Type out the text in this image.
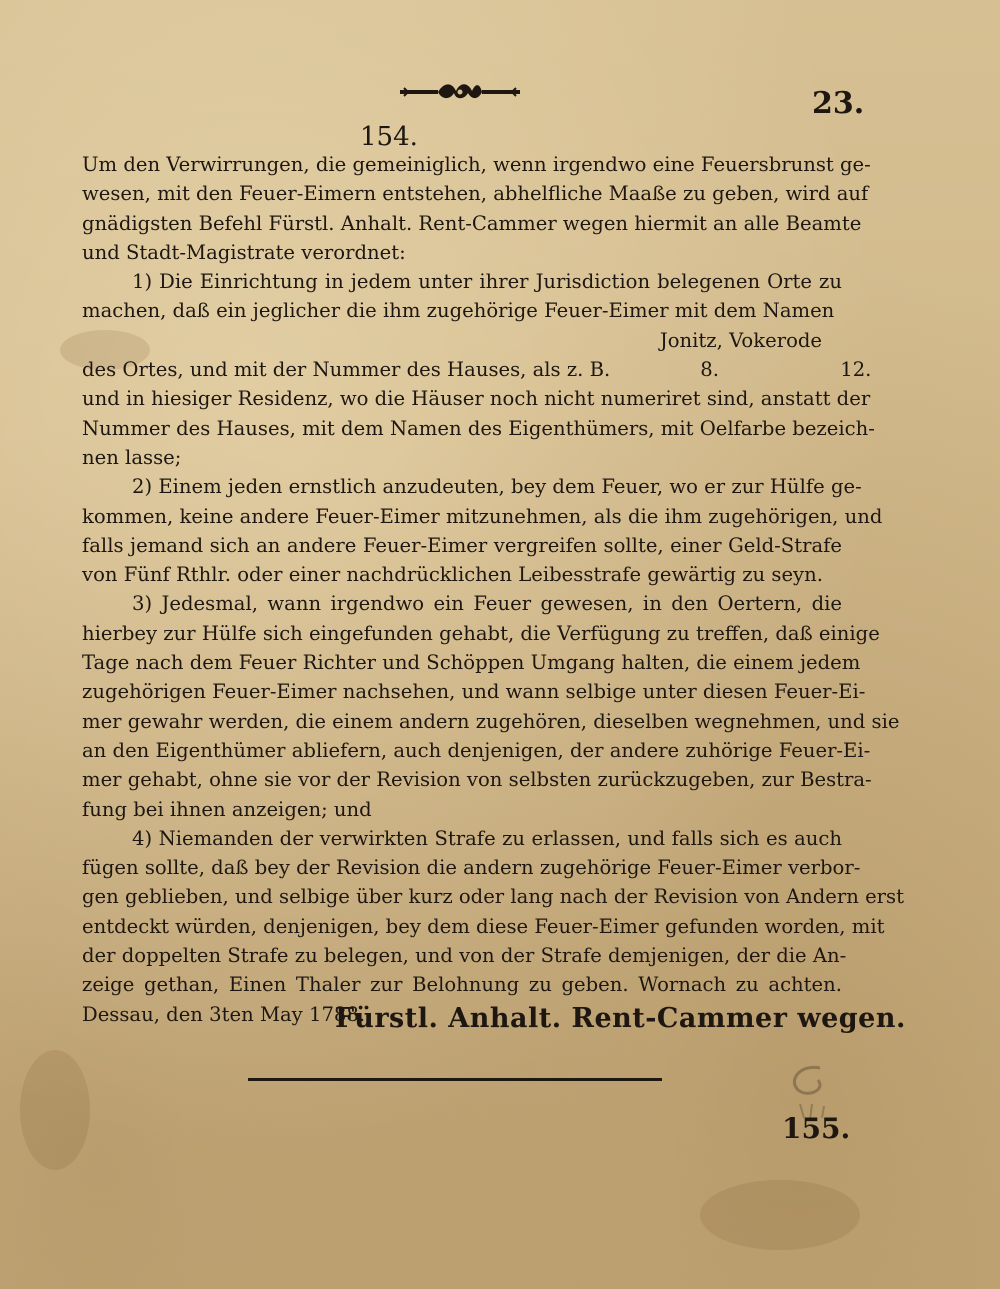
23.
154.
Um den Verwirrungen, die gemeiniglich, wenn irgendwo eine Feuersbrunst ge-
wesen, mit den Feuer-Eimern entstehen, abhelfliche Maaße zu geben, wird auf
gnädigsten Befehl Fürstl. Anhalt. Rent-Cammer wegen hiermit an alle Beamte
und Stadt-Magistrate verordnet:
1) Die Einrichtung in jedem unter ihrer Jurisdiction belegenen Orte zu
machen, daß ein jeglicher die ihm zugehörige Feuer-Eimer mit dem Namen
Jonitz, Vokerode
des Ortes, und mit der Nummer des Hauses, als z. B.	8.	12.
und in hiesiger Residenz, wo die Häuser noch nicht numeriret sind, anstatt der
Nummer des Hauses, mit dem Namen des Eigenthümers, mit Oelfarbe bezeich-
nen lasse;
2) Einem jeden ernstlich anzudeuten, bey dem Feuer, wo er zur Hülfe ge-
kommen, keine andere Feuer-Eimer mitzunehmen, als die ihm zugehörigen, und
falls jemand sich an andere Feuer-Eimer vergreifen sollte, einer Geld-Strafe
von Fünf Rthlr. oder einer nachdrücklichen Leibesstrafe gewärtig zu seyn.
3) Jedesmal, wann irgendwo ein Feuer gewesen, in den Oertern, die
hierbey zur Hülfe sich eingefunden gehabt, die Verfügung zu treffen, daß einige
Tage nach dem Feuer Richter und Schöppen Umgang halten, die einem jedem
zugehörigen Feuer-Eimer nachsehen, und wann selbige unter diesen Feuer-Ei-
mer gewahr werden, die einem andern zugehören, dieselben wegnehmen, und sie
an den Eigenthümer abliefern, auch denjenigen, der andere zuhörige Feuer-Ei-
mer gehabt, ohne sie vor der Revision von selbsten zurückzugeben, zur Bestra-
fung bei ihnen anzeigen; und
4) Niemanden der verwirkten Strafe zu erlassen, und falls sich es auch
fügen sollte, daß bey der Revision die andern zugehörige Feuer-Eimer verbor-
gen geblieben, und selbige über kurz oder lang nach der Revision von Andern erst
entdeckt würden, denjenigen, bey dem diese Feuer-Eimer gefunden worden, mit
der doppelten Strafe zu belegen, und von der Strafe demjenigen, der die An-
zeige gethan, Einen Thaler zur Belohnung zu geben. Wornach zu achten.
Dessau, den 3ten May 1788.
Fürstl. Anhalt. Rent-Cammer wegen.
155.
